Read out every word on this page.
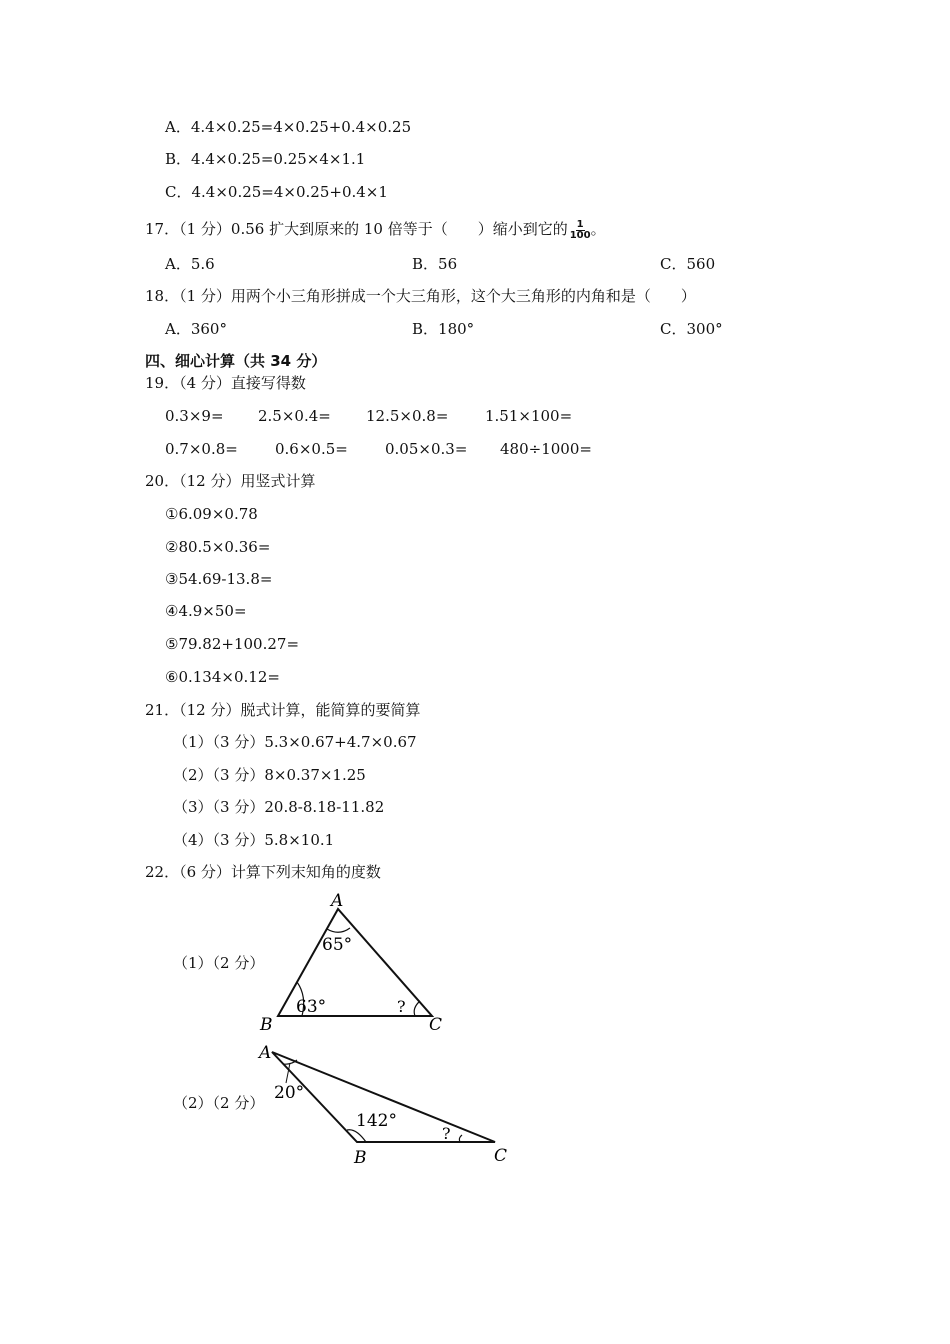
A．4.4×0.25=4×0.25+0.4×0.25
B．4.4×0.25=0.25×4×1.1
C．4.4×0.25=4×0.25+0.4×1
17．（1 分）0.56 扩大到原来的 10 倍等于（　　）缩小到它的 $\frac{1}{100}$ 。
A．5.6	B．56	C．560
18．（1 分）用两个小三角形拼成一个大三角形，这个大三角形的内角和是（　　）
A．360°	B．180°	C．300°
四、细心计算（共 34 分）
19．（4 分）直接写得数
0.3×9= 2.5×0.4= 12.5×0.8= 1.51×100=
0.7×0.8= 0.6×0.5= 0.05×0.3= 480÷1000=
20．（12 分）用竖式计算
①6.09×0.78
②80.5×0.36=
③54.69-13.8=
④4.9×50=
⑤79.82+100.27=
⑥0.134×0.12=
21．（12 分）脱式计算，能简算的要简算
（1）（3 分）5.3×0.67+4.7×0.67
（2）（3 分）8×0.37×1.25
（3）（3 分）20.8-8.18-11.82
（4）（3 分）5.8×10.1
22．（6 分）计算下列末知角的度数
（1）（2 分）
（2）（2 分）
A
B	C
65°
63°	?
A
B	C
20°
142°
?
